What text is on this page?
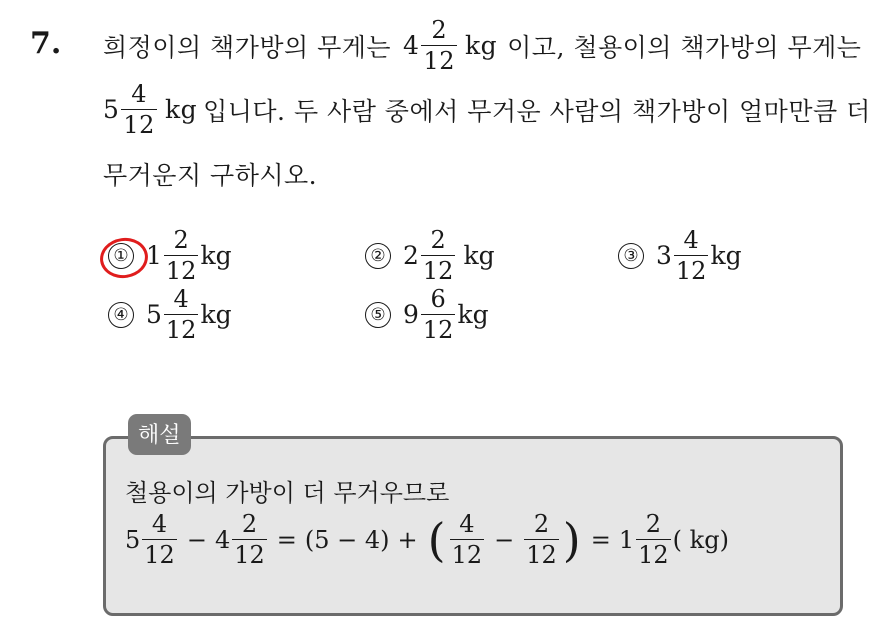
7. 희정이의 책가방의 무게는 $4 \frac{2}{12}$ kg 이고, 철용이의 책가방의 무게는
$5 \frac{4}{12}$ kg 입니다. 두 사람 중에서 무거운 사람의 책가방이 얼마만큼 더
무거운지 구하시오.
① $1 \frac{2}{12}$ kg	② $2 \frac{2}{12}$ kg	③ $3 \frac{4}{12}$ kg
④ $5 \frac{4}{12}$ kg	⑤ $9 \frac{6}{12}$ kg
해설
철용이의 가방이 더 무거우므로
$5 \frac{4}{12} - 4 \frac{2}{12} = (5 - 4)$ + ( $\frac{4}{12} - \frac{2}{12}$ ) = $1 \frac{2}{12}$ ( kg)
